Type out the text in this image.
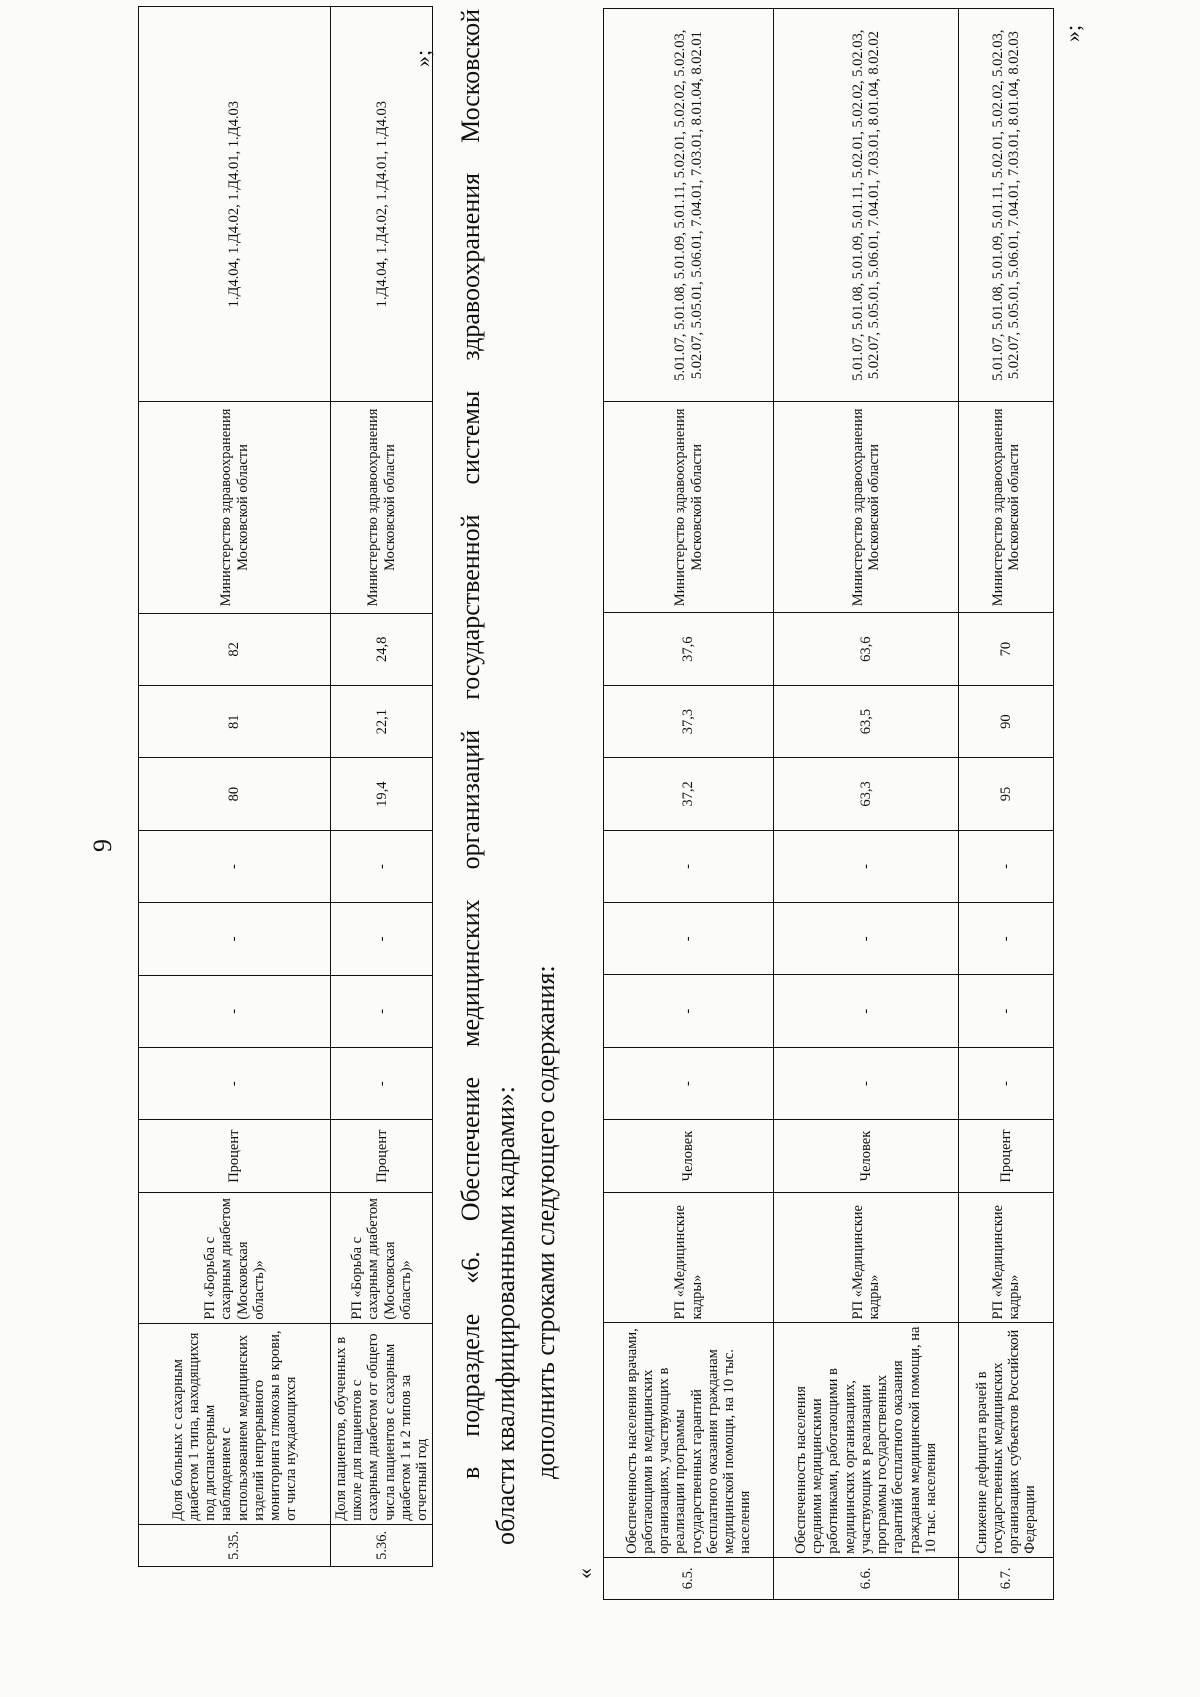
9
5.35.	Доля больных с сахарным диабетом 1 типа, находящихся под диспансерным наблюдением с использованием медицинских изделий непрерывного мониторинга глюкозы в крови, от числа нуждающихся	РП «Борьба с сахарным диабетом (Московская область)»	Процент	-	-	-	-	80	81	82	Министерство здравоохранения Московской области	1.Д4.04, 1.Д4.02, 1.Д4.01, 1.Д4.03
5.36.	Доля пациентов, обученных в школе для пациентов с сахарным диабетом от общего числа пациентов с сахарным диабетом 1 и 2 типов за отчетный год	РП «Борьба с сахарным диабетом (Московская область)»	Процент	-	-	-	-	19,4	22,1	24,8	Министерство здравоохранения Московской области	1.Д4.04, 1.Д4.02, 1.Д4.01, 1.Д4.03
»; в подразделе «6. Обеспечение медицинских организаций государственной системы здравоохранения Московской области квалифицированными кадрами»: дополнить строками следующего содержания:
«	6.5.	Обеспеченность населения врачами, работающими в медицинских организациях, участвующих в реализации программы государственных гарантий бесплатного оказания гражданам медицинской помощи, на 10 тыс. населения	РП «Медицинские кадры»	Человек	-	-	-	-	37,2	37,3	37,6	Министерство здравоохранения Московской области	5.01.07, 5.01.08, 5.01.09, 5.01.11, 5.02.01, 5.02.02, 5.02.03, 5.02.07, 5.05.01, 5.06.01, 7.04.01, 7.03.01, 8.01.04, 8.02.01
6.6.	Обеспеченность населения средними медицинскими работниками, работающими в медицинских организациях, участвующих в реализации программы государственных гарантий бесплатного оказания гражданам медицинской помощи, на 10 тыс. населения	РП «Медицинские кадры»	Человек	-	-	-	-	63,3	63,5	63,6	Министерство здравоохранения Московской области	5.01.07, 5.01.08, 5.01.09, 5.01.11, 5.02.01, 5.02.02, 5.02.03, 5.02.07, 5.05.01, 5.06.01, 7.04.01, 7.03.01, 8.01.04, 8.02.02
6.7.	Снижение дефицита врачей в государственных медицинских организациях субъектов Российской Федерации	РП «Медицинские кадры»	Процент	-	-	-	-	95	90	70	Министерство здравоохранения Московской области	5.01.07, 5.01.08, 5.01.09, 5.01.11, 5.02.01, 5.02.02, 5.02.03, 5.02.07, 5.05.01, 5.06.01, 7.04.01, 7.03.01, 8.01.04, 8.02.03 »;
